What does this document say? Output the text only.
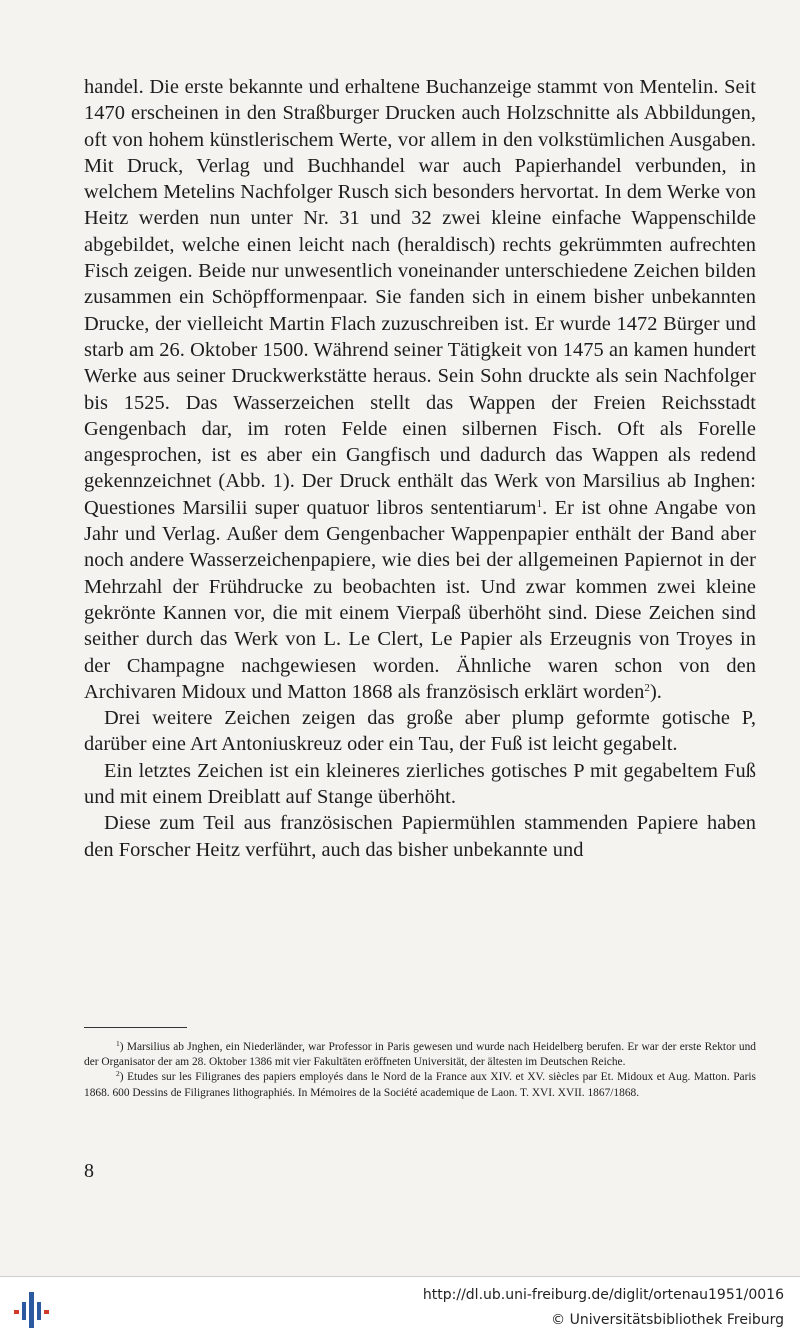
handel. Die erste bekannte und erhaltene Buchanzeige stammt von Mentelin. Seit 1470 erscheinen in den Straßburger Drucken auch Holzschnitte als Abbildungen, oft von hohem künstlerischem Werte, vor allem in den volkstümlichen Ausgaben. Mit Druck, Verlag und Buchhandel war auch Papierhandel verbunden, in welchem Metelins Nachfolger Rusch sich besonders hervortat. In dem Werke von Heitz werden nun unter Nr. 31 und 32 zwei kleine einfache Wappenschilde abgebildet, welche einen leicht nach (heraldisch) rechts gekrümmten aufrechten Fisch zeigen. Beide nur unwesentlich voneinander unterschiedene Zeichen bilden zusammen ein Schöpfformenpaar. Sie fanden sich in einem bisher unbekannten Drucke, der vielleicht Martin Flach zuzuschreiben ist. Er wurde 1472 Bürger und starb am 26. Oktober 1500. Während seiner Tätigkeit von 1475 an kamen hundert Werke aus seiner Druckwerkstätte heraus. Sein Sohn druckte als sein Nachfolger bis 1525. Das Wasserzeichen stellt das Wappen der Freien Reichsstadt Gengenbach dar, im roten Felde einen silbernen Fisch. Oft als Forelle angesprochen, ist es aber ein Gangfisch und dadurch das Wappen als redend gekennzeichnet (Abb. 1). Der Druck enthält das Werk von Marsilius ab Inghen: Questiones Marsilii super quatuor libros sententiarum$^1$. Er ist ohne Angabe von Jahr und Verlag. Außer dem Gengenbacher Wappenpapier enthält der Band aber noch andere Wasserzeichenpapiere, wie dies bei der allgemeinen Papiernot in der Mehrzahl der Frühdrucke zu beobachten ist. Und zwar kommen zwei kleine gekrönte Kannen vor, die mit einem Vierpaß überhöht sind. Diese Zeichen sind seither durch das Werk von L. Le Clert, Le Papier als Erzeugnis von Troyes in der Champagne nachgewiesen worden. Ähnliche waren schon von den Archivaren Midoux und Matton 1868 als französisch erklärt worden$^2$).

Drei weitere Zeichen zeigen das große aber plump geformte gotische P, darüber eine Art Antoniuskreuz oder ein Tau, der Fuß ist leicht gegabelt.

Ein letztes Zeichen ist ein kleineres zierliches gotisches P mit gegabeltem Fuß und mit einem Dreiblatt auf Stange überhöht.

Diese zum Teil aus französischen Papiermühlen stammenden Papiere haben den Forscher Heitz verführt, auch das bisher unbekannte und

$^1$) Marsilius ab Jnghen, ein Niederländer, war Professor in Paris gewesen und wurde nach Heidelberg berufen. Er war der erste Rektor und der Organisator der am 28. Oktober 1386 mit vier Fakultäten eröffneten Universität, der ältesten im Deutschen Reiche.

$^2$) Etudes sur les Filigranes des papiers employés dans le Nord de la France aux XIV. et XV. siècles par Et. Midoux et Aug. Matton. Paris 1868. 600 Dessins de Filigranes lithographiés. In Mémoires de la Société academique de Laon. T. XVI. XVII. 1867/1868.

8
http://dl.ub.uni-freiburg.de/diglit/ortenau1951/0016
© Universitätsbibliothek Freiburg
